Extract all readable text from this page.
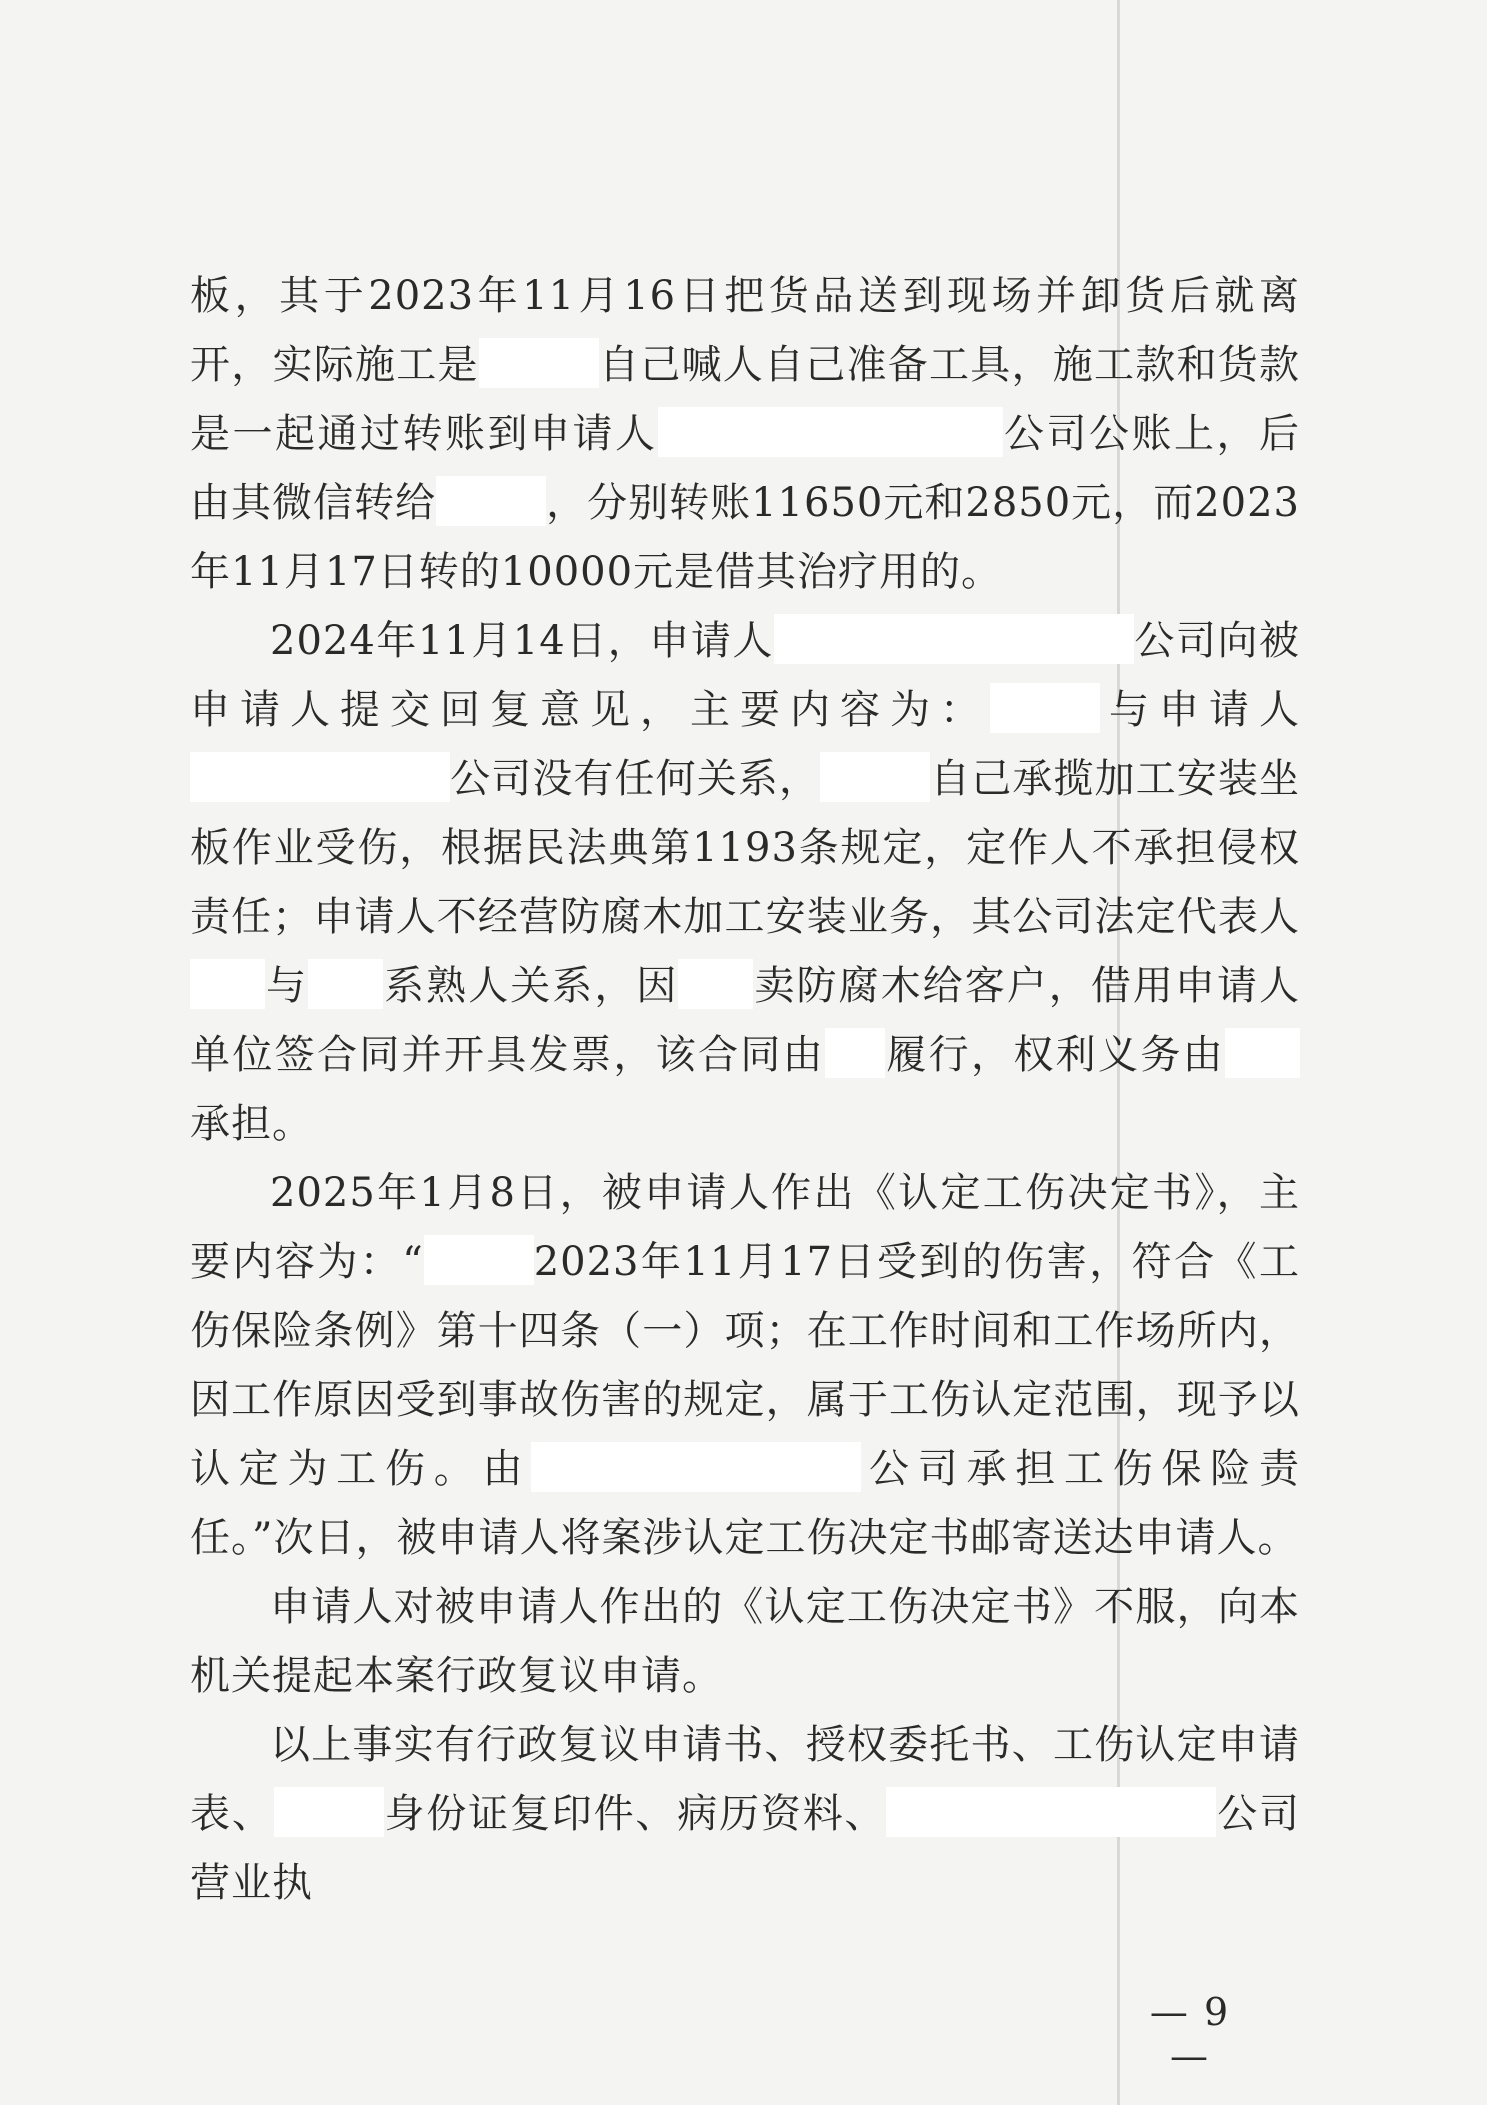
板，其于2023年11月16日把货品送到现场并卸货后就离开，实际施工是	自己喊人自己准备工具，施工款和货款是一起通过转账到申请人	公司公账上，后由其微信转给	，分别转账11650元和2850元，而2023年11月17日转的10000元是借其治疗用的。

2024年11月14日，申请人	公司向被申请人提交回复意见，主要内容为：	与申请人公司没有任何关系，	自己承揽加工安装坐板作业受伤，根据民法典第1193条规定，定作人不承担侵权责任；申请人不经营防腐木加工安装业务，其公司法定代表人与 系熟人关系，因 卖防腐木给客户，借用申请人单位签合同并开具发票，该合同由 履行，权利义务由承担。

2025年1月8日，被申请人作出《认定工伤决定书》，主要内容为：“	2023年11月17日受到的伤害，符合《工伤保险条例》第十四条（一）项；在工作时间和工作场所内，因工作原因受到事故伤害的规定，属于工伤认定范围，现予以认定为工伤。由	公司承担工伤保险责任。”次日，被申请人将案涉认定工伤决定书邮寄送达申请人。

申请人对被申请人作出的《认定工伤决定书》不服，向本机关提起本案行政复议申请。

以上事实有行政复议申请书、授权委托书、工伤认定申请表、	身份证复印件、病历资料、	公司营业执

— 9 —
